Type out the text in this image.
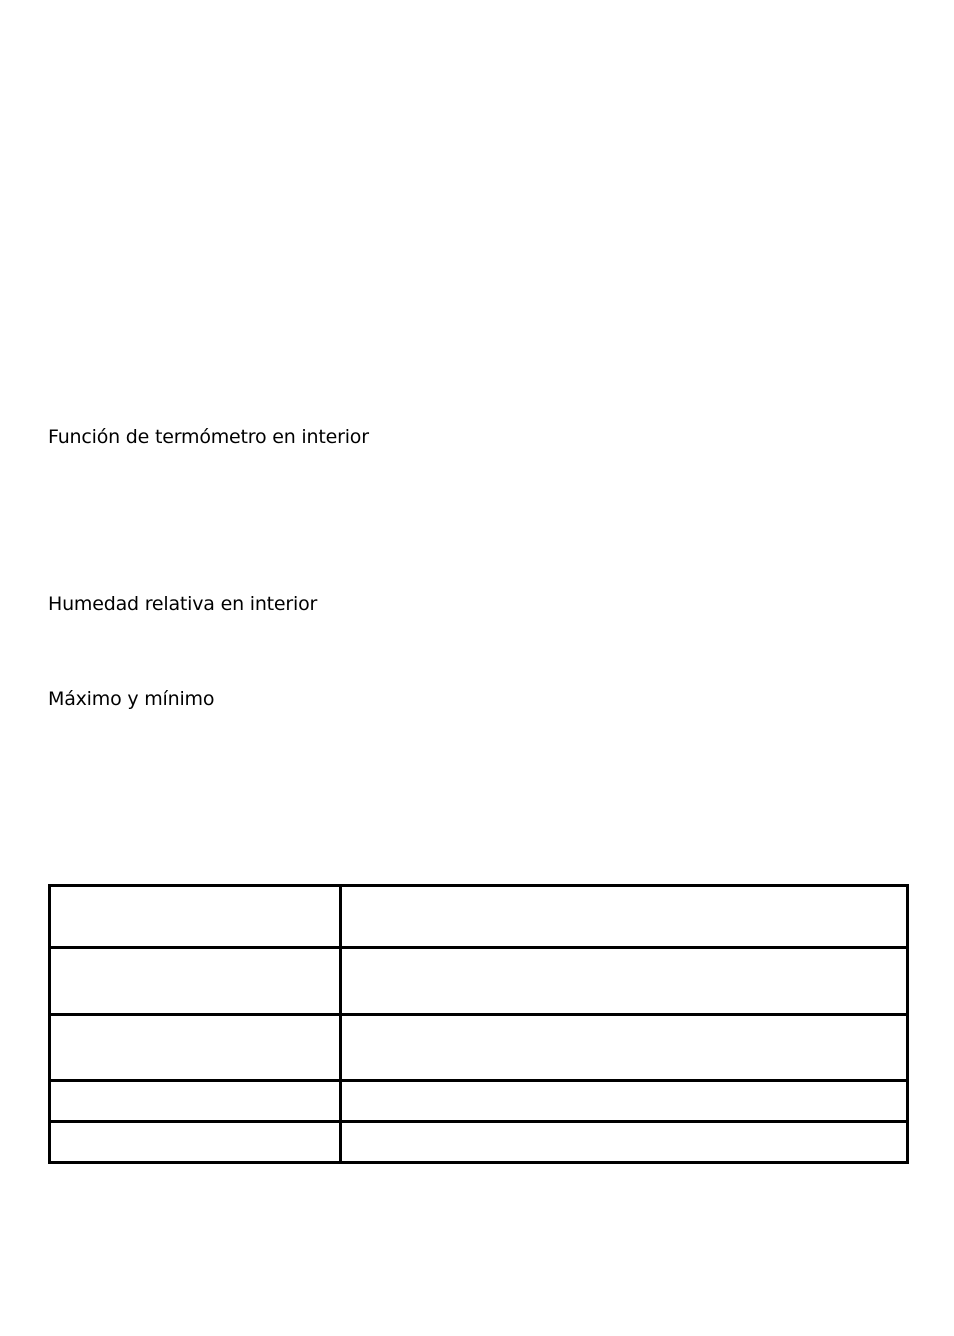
Función de termómetro en interior
Humedad relativa en interior
Máximo y mínimo
